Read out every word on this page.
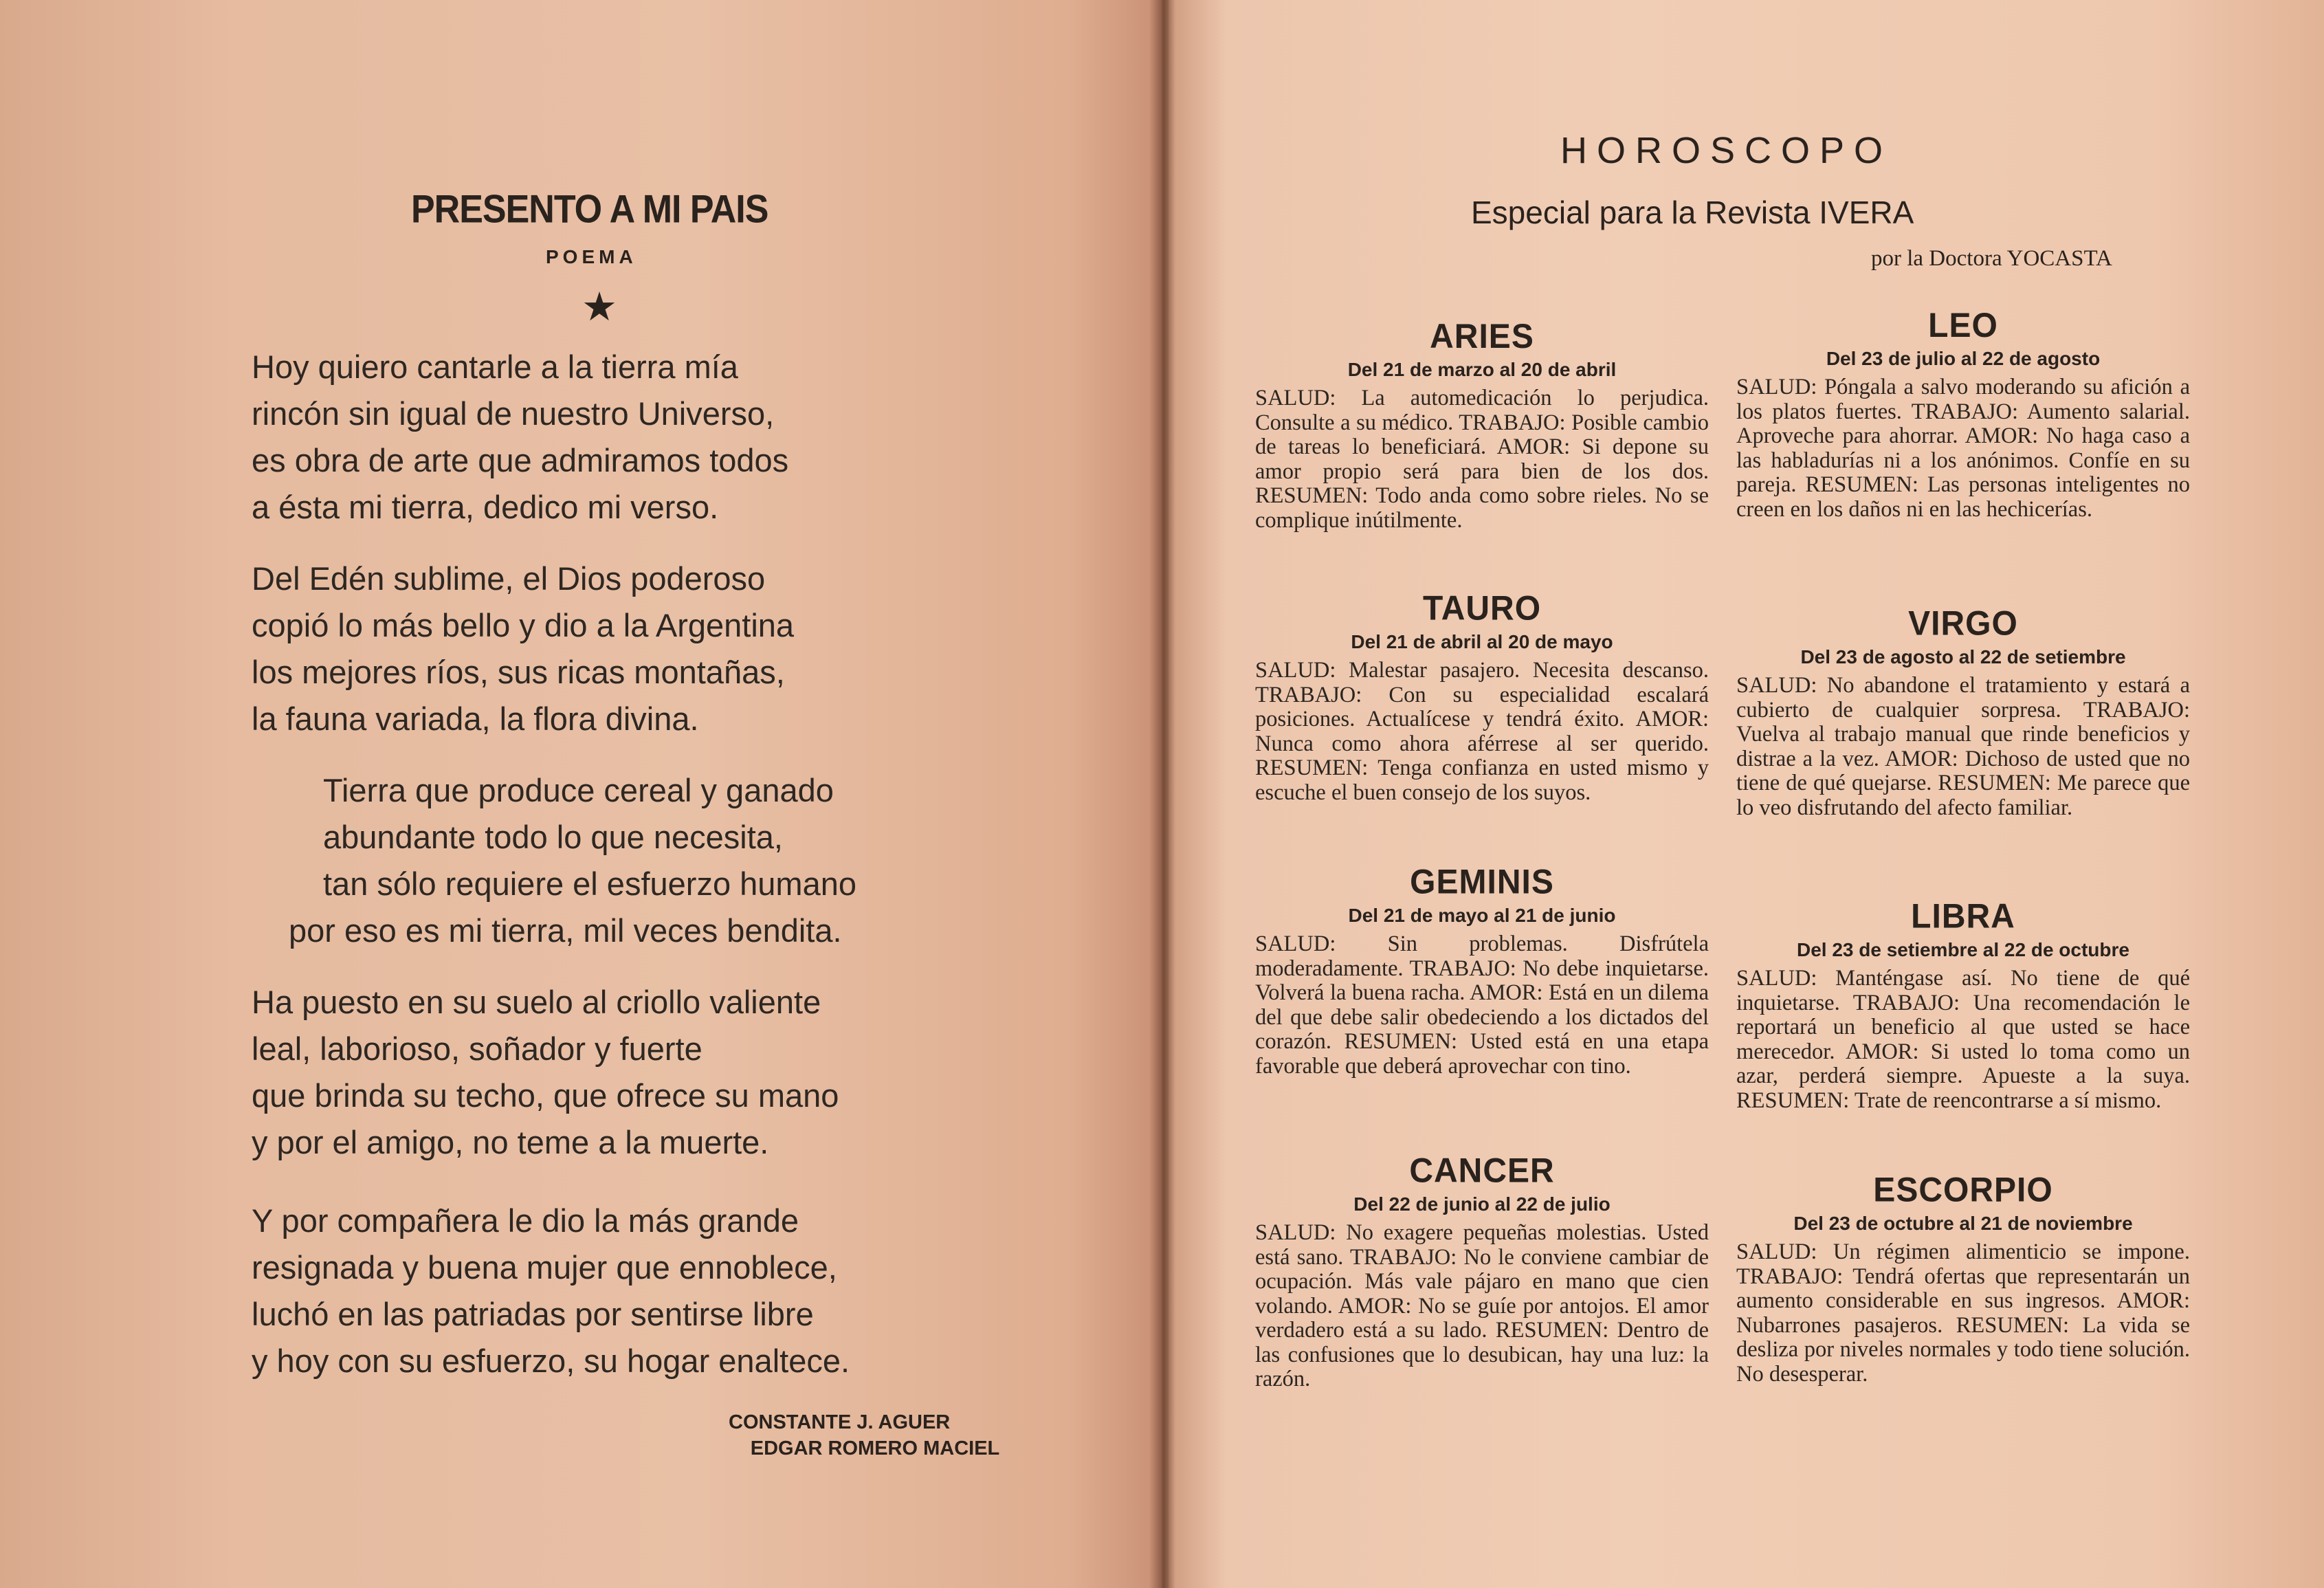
PRESENTO A MI PAIS
POEMA
★
Hoy quiero cantarle a la tierra mía
rincón sin igual de nuestro Universo,
es obra de arte que admiramos todos
a ésta mi tierra, dedico mi verso.
Del Edén sublime, el Dios poderoso
copió lo más bello y dio a la Argentina
los mejores ríos, sus ricas montañas,
la fauna variada, la flora divina.
Tierra que produce cereal y ganado
abundante todo lo que necesita,
tan sólo requiere el esfuerzo humano
por eso es mi tierra, mil veces bendita.
Ha puesto en su suelo al criollo valiente
leal, laborioso, soñador y fuerte
que brinda su techo, que ofrece su mano
y por el amigo, no teme a la muerte.
Y por compañera le dio la más grande
resignada y buena mujer que ennoblece,
luchó en las patriadas por sentirse libre
y hoy con su esfuerzo, su hogar enaltece.
CONSTANTE J. AGUER
EDGAR ROMERO MACIEL
HOROSCOPO
Especial para la Revista IVERA
por la Doctora YOCASTA
ARIES
Del 21 de marzo al 20 de abril
SALUD: La automedicación lo perjudica. Consulte a su médico. TRABAJO: Posible cambio de tareas lo beneficiará. AMOR: Si depone su amor propio será para bien de los dos. RESUMEN: Todo anda como sobre rieles. No se complique inútilmente.
TAURO
Del 21 de abril al 20 de mayo
SALUD: Malestar pasajero. Necesita descanso. TRABAJO: Con su especialidad escalará posiciones. Actualícese y tendrá éxito. AMOR: Nunca como ahora aférrese al ser querido. RESUMEN: Tenga confianza en usted mismo y escuche el buen consejo de los suyos.
GEMINIS
Del 21 de mayo al 21 de junio
SALUD: Sin problemas. Disfrútela moderadamente. TRABAJO: No debe inquietarse. Volverá la buena racha. AMOR: Está en un dilema del que debe salir obedeciendo a los dictados del corazón. RESUMEN: Usted está en una etapa favorable que deberá aprovechar con tino.
CANCER
Del 22 de junio al 22 de julio
SALUD: No exagere pequeñas molestias. Usted está sano. TRABAJO: No le conviene cambiar de ocupación. Más vale pájaro en mano que cien volando. AMOR: No se guíe por antojos. El amor verdadero está a su lado. RESUMEN: Dentro de las confusiones que lo desubican, hay una luz: la razón.
LEO
Del 23 de julio al 22 de agosto
SALUD: Póngala a salvo moderando su afición a los platos fuertes. TRABAJO: Aumento salarial. Aproveche para ahorrar. AMOR: No haga caso a las habladurías ni a los anónimos. Confíe en su pareja. RESUMEN: Las personas inteligentes no creen en los daños ni en las hechicerías.
VIRGO
Del 23 de agosto al 22 de setiembre
SALUD: No abandone el tratamiento y estará a cubierto de cualquier sorpresa. TRABAJO: Vuelva al trabajo manual que rinde beneficios y distrae a la vez. AMOR: Dichoso de usted que no tiene de qué quejarse. RESUMEN: Me parece que lo veo disfrutando del afecto familiar.
LIBRA
Del 23 de setiembre al 22 de octubre
SALUD: Manténgase así. No tiene de qué inquietarse. TRABAJO: Una recomendación le reportará un beneficio al que usted se hace merecedor. AMOR: Si usted lo toma como un azar, perderá siempre. Apueste a la suya. RESUMEN: Trate de reencontrarse a sí mismo.
ESCORPIO
Del 23 de octubre al 21 de noviembre
SALUD: Un régimen alimenticio se impone. TRABAJO: Tendrá ofertas que representarán un aumento considerable en sus ingresos. AMOR: Nubarrones pasajeros. RESUMEN: La vida se desliza por niveles normales y todo tiene solución. No desesperar.
